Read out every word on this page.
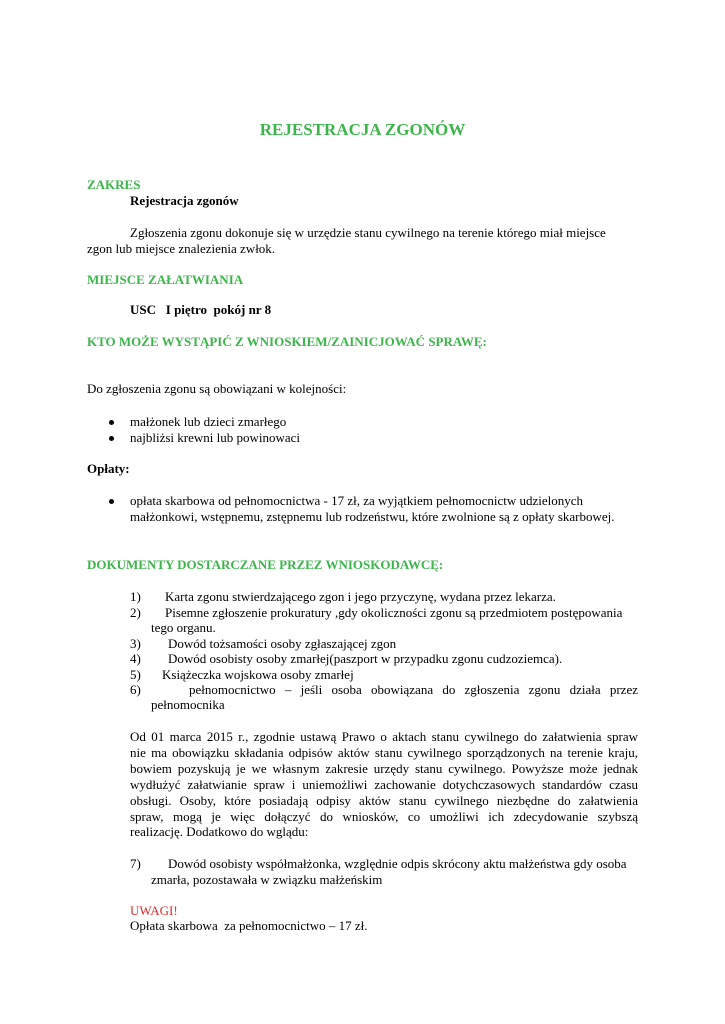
REJESTRACJA ZGONÓW
ZAKRES
Rejestracja zgonów
Zgłoszenia zgonu dokonuje się w urzędzie stanu cywilnego na terenie którego miał miejsce
zgon lub miejsce znalezienia zwłok.
MIEJSCE ZAŁATWIANIA
USC   I piętro  pokój nr 8
KTO MOŻE WYSTĄPIĆ Z WNIOSKIEM/ZAINICJOWAĆ SPRAWĘ:
Do zgłoszenia zgonu są obowiązani w kolejności:
małżonek lub dzieci zmarłego
najbliżsi krewni lub powinowaci
Opłaty:
opłata skarbowa od pełnomocnictwa - 17 zł, za wyjątkiem pełnomocnictw udzielonych
małżonkowi, wstępnemu, zstępnemu lub rodzeństwu, które zwolnione są z opłaty skarbowej.
DOKUMENTY DOSTARCZANE PRZEZ WNIOSKODAWCĘ:
1) Karta zgonu stwierdzającego zgon i jego przyczynę, wydana przez lekarza.
2) Pisemne zgłoszenie prokuratury ,gdy okoliczności zgonu są przedmiotem postępowania
tego organu.
3) Dowód tożsamości osoby zgłaszającej zgon
4) Dowód osobisty osoby zmarłej(paszport w przypadku zgonu cudzoziemca).
5) Książeczka wojskowa osoby zmarłej
6)	pełnomocnictwo – jeśli osoba obowiązana do zgłoszenia zgonu działa przez
pełnomocnika
Od 01 marca 2015 r., zgodnie ustawą Prawo o aktach stanu cywilnego do załatwienia spraw
nie ma obowiązku składania odpisów aktów stanu cywilnego sporządzonych na terenie kraju,
bowiem pozyskują je we własnym zakresie urzędy stanu cywilnego. Powyższe może jednak
wydłużyć załatwianie spraw i uniemożliwi zachowanie dotychczasowych standardów czasu
obsługi. Osoby, które posiadają odpisy aktów stanu cywilnego niezbędne do załatwienia
spraw, mogą je więc dołączyć do wniosków, co umożliwi ich zdecydowanie szybszą
realizację. Dodatkowo do wglądu:
7) Dowód osobisty współmałżonka, względnie odpis skrócony aktu małżeństwa gdy osoba
zmarła, pozostawała w związku małżeńskim
UWAGI!
Opłata skarbowa  za pełnomocnictwo – 17 zł.
